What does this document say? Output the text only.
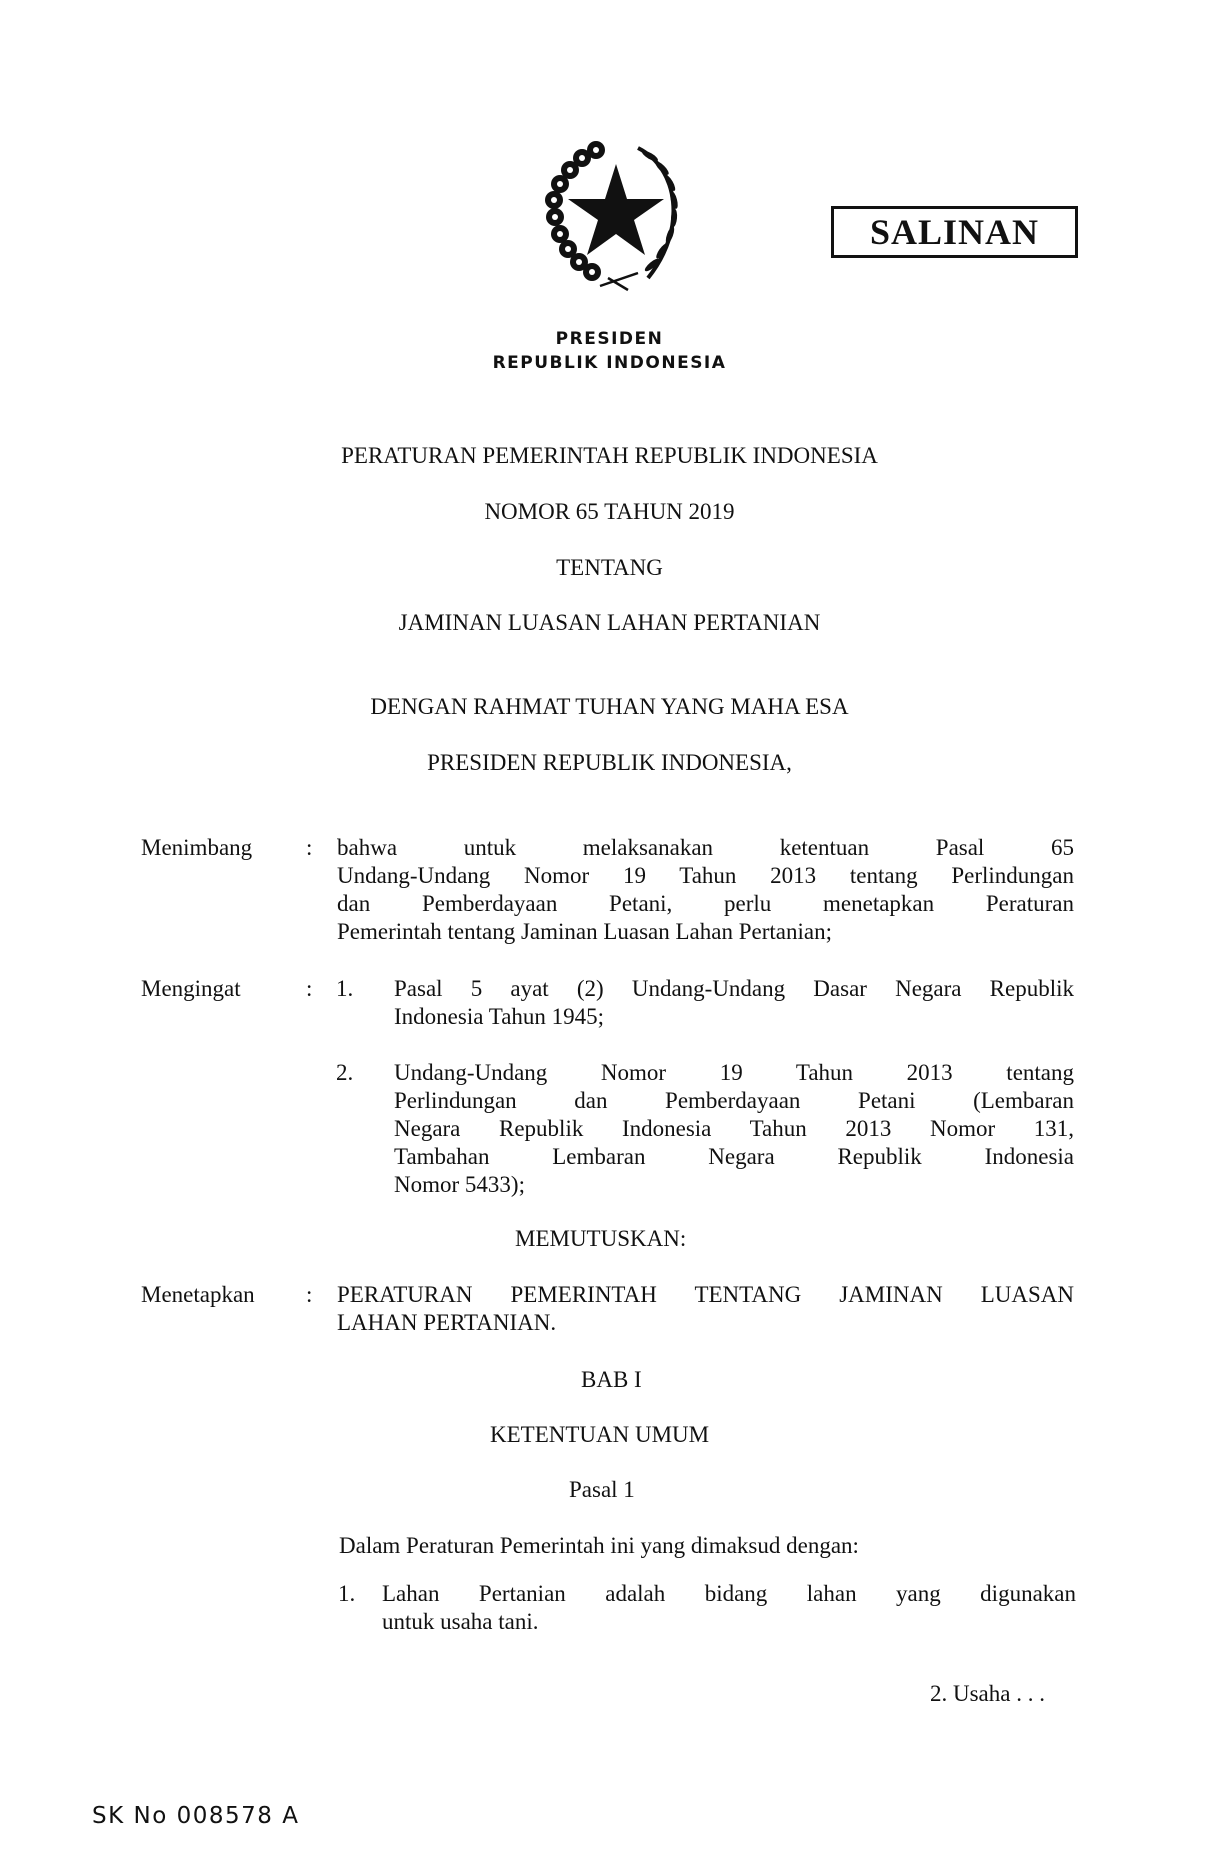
PRESIDEN
REPUBLIK INDONESIA
SALINAN
PERATURAN PEMERINTAH REPUBLIK INDONESIA
NOMOR 65 TAHUN 2019
TENTANG
JAMINAN LUASAN LAHAN PERTANIAN
DENGAN RAHMAT TUHAN YANG MAHA ESA
PRESIDEN REPUBLIK INDONESIA,
Menimbang : bahwa untuk melaksanakan ketentuan Pasal 65
Undang-Undang Nomor 19 Tahun 2013 tentang Perlindungan
dan Pemberdayaan Petani, perlu menetapkan Peraturan
Pemerintah tentang Jaminan Luasan Lahan Pertanian;
Mengingat	: 1. Pasal 5 ayat (2) Undang-Undang Dasar Negara Republik
Indonesia Tahun 1945;
2. Undang-Undang Nomor 19 Tahun 2013 tentang
Perlindungan dan Pemberdayaan Petani (Lembaran
Negara Republik Indonesia Tahun 2013 Nomor 131,
Tambahan Lembaran Negara Republik Indonesia
Nomor 5433);
MEMUTUSKAN:
Menetapkan : PERATURAN PEMERINTAH TENTANG JAMINAN LUASAN
LAHAN PERTANIAN.
BAB I
KETENTUAN UMUM
Pasal 1
Dalam Peraturan Pemerintah ini yang dimaksud dengan:
1. Lahan Pertanian adalah bidang lahan yang digunakan
untuk usaha tani.
2. Usaha . . .
SK No 008578 A
